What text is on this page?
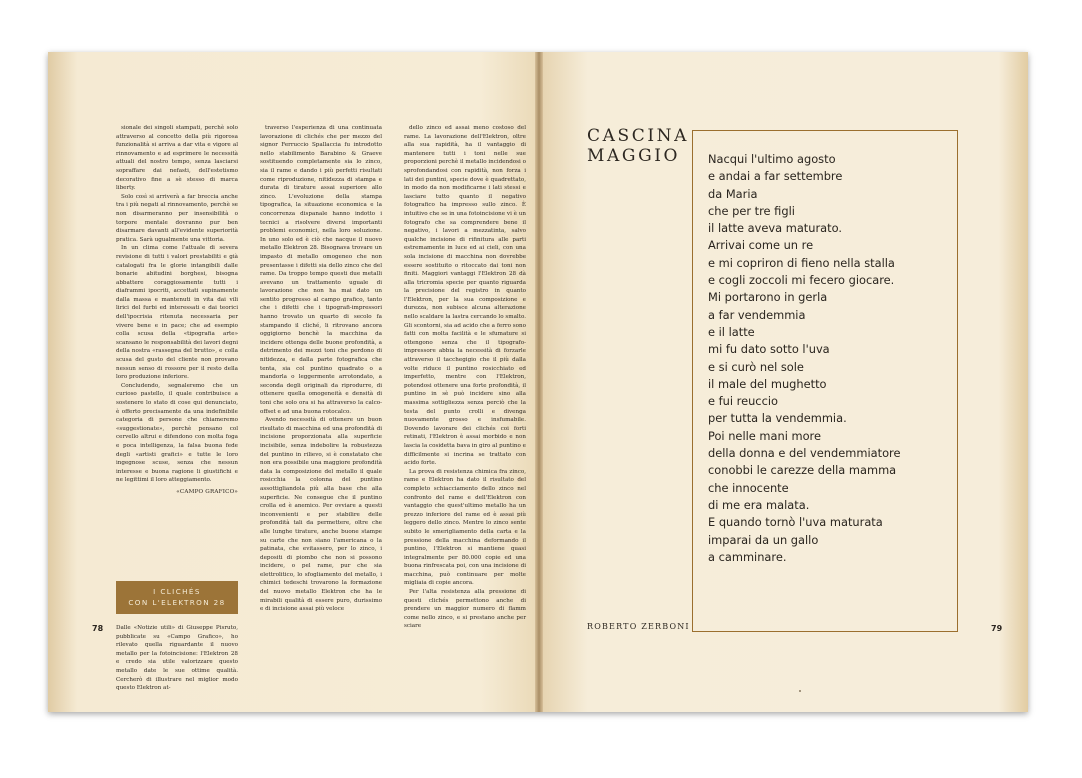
sionale dei singoli stampati, perchè solo attraverso al concetto della più rigorosa funzionalità si arriva a dar vita e vigore al rinnovamento e ad esprimere le necessità attuali del nostro tempo, senza lasciarsi sopraffare dai nefasti, dell'estetismo decorativo fine a sè stesso di marca liberty.

Solo così si arriverà a far breccia anche tra i più negati al rinnovamento, perchè se non disarmeranno per insensibilità o torpore mentale dovranno pur ben disarmare davanti all'evidente superiorità pratica. Sarà ugualmente una vittoria.

In un clima come l'attuale di severa revisione di tutti i valori prestabiliti e già catalogati fra le glorie intangibili dalle bonarie abitudini borghesi, bisogna abbattere coraggiosamente tutti i diaframmi ipocriti, accettati supinamente dalla massa e mantenuti in vita dai vili lirici del furbi ed interessati e dai teorici dell'ipocrisia ritenuta necessaria per vivere bene e in pace; che ad esempio colla scusa della «tipografia arte» scansano le responsabilità dei lavori degni della nostra «rassegna del brutto», e colla scusa del gusto del cliente non provano nessun senso di rossore per il resto della loro produzione inferiore.

Concludendo, segnaleremo che un curioso pastello, il quale contribuisce a sostenere lo stato di cose qui denunciato, è offerto precisamente da una indefinibile categoria di persone che chiameremo «suggestionate», perchè pensano col cervello altrui e difendono con molta foga e poca intelligenza, la falsa buona fede degli «artisti grafici» e tutte le loro ingegnose scuse, senza che nessun interesse e buona ragione li giustifichi e ne legittimi il loro atteggiamento.

«CAMPO GRAFICO»

I CLICHÉS
CON L'ELEKTRON 28

Dalle «Notizie utili» di Giuseppe Pisruto, pubblicate su «Campo Grafico», ho rilevato quella riguardante il nuovo metallo per la fotoincisione: l'Elektron 28 e credo sia utile valorizzare questo metallo date le sue ottime qualità. Cercherò di illustrare nel miglior modo questo Elektron at-

traverso l'esperienza di una continuata lavorazione di clichés che per mezzo del signor Ferruccio Spallaccia fu introdotto nello stabilimento Barabino & Graeve sostituendo completamente sia lo zinco, sia il rame e dando i più perfetti risultati come riproduzione, nitidezza di stampa e durata di tirature assai superiore allo zinco. L'evoluzione della stampa tipografica, la situazione economica e la concorrenza dispanale hanno indotto i tecnici a risolvere diversi importanti problemi economici, nella loro soluzione. In uno solo ed è ciò che nacque il nuovo metallo Elektron 28. Bisognava trovare un impasto di metallo omogeneo che non presentasse i difetti sia dello zinco che del rame. Da troppo tempo questi due metalli avevano un trattamento uguale di lavorazione che non ha mai dato un sentito progresso al campo grafico, tanto che i difetti che i tipografi-impressori hanno trovato un quarto di secolo fa stampando il cliché, li ritrovano ancora oggigiorno benchè la macchina da incidere ottenga delle buone profondità, a detrimento dei mezzi toni che perdono di nitidezza, e dalla parte fotografica che tenta, sia col puntino quadrato o a mandorla o leggermente arrotondato, a seconda degli originali da riprodurre, di ottenere quella omogeneità e densità di toni che solo ora si ha attraverso la calco-offset e ad una buona rotocalco.

Avendo necessità di ottenere un buon risultato di macchina ed una profondità di incisione proporzionata alla superficie incisibile, senza indebolire la robustezza del puntino in rilievo, si è constatato che non era possibile una maggiore profondità data la composizione del metallo il quale rosicchia la colonna del puntino assottigliandola più alla base che alla superficie. Ne consegue che il puntino crolla ed è anemico. Per ovviare a questi inconvenienti e per stabilire delle profondità tali da permettere, oltre che alle lunghe tirature, anche buone stampe su carte che non siano l'americana o la patinata, che evitassero, per lo zinco, i depositi di piombo che non si possono incidere, o pel rame, pur che sia elettrolitico, lo sfogliamento del metallo, i chimici tedeschi trovarono la formazione del nuovo metallo Elektron che ha le mirabili qualità di essere puro, durissimo e di incisione assai più veloce

dello zinco ed assai meno costoso del rame. La lavorazione dell'Elektron, oltre alla sua rapidità, ha il vantaggio di mantenere tutti i toni nelle sue proporzioni perchè il metallo incidendosi o sprofondandosi con rapidità, non forza i lati dei puntini, specie dove è quadrettato, in modo da non modificarne i lati stessi e lasciare tutto quanto il negativo fotografico ha impresso sullo zinco. È intuitivo che se in una fotoincisione vi è un fotografo che sa comprendere bene il negativo, i lavori a mezzatinta, salvo qualche incisione di rifinitura alle parti estremamente in luce ed ai cieli, con una sola incisione di macchina non dovrebbe essere sostituito o ritoccato dai toni non finiti. Maggiori vantaggi l'Elektron 28 dà alla tricromia specie per quanto riguarda la precisione del registro in quanto l'Elektron, per la sua composizione e durezza, non subisce alcuna alterazione nello scaldare la lastra cercando lo smalto. Gli scontorni, sia ad acido che a ferro sono fatti con molta facilità e le sfumature si ottengono senza che il tipografo-impressore abbia la necessità di forzarle attraverso il tacchegigio che il più dalla volte riduce il puntino rosicchiato ed imperfetto, mentre con l'Elektron, potendosi ottenere una forte profondità, il puntino in sè può incidere sino alla massima sottigliezza senza perciò che la testa del punto crolli e divenga nuovamente grosso e insfumabile. Dovendo lavorare dei clichés coi forti retinati, l'Elektron è assai morbido e non lascia la cosidetta bava in giro al puntino e difficilmente si incrina se trattato con acido forte.

La prova di resistenza chimica fra zinco, rame e Elektron ha dato il risultato del completo schiacciamento dello zinco nel confronto del rame e dell'Elektron con vantaggio che quest'ultimo metallo ha un prezzo inferiore del rame ed è assai più leggero dello zinco. Mentre lo zinco sente subito le smerigliamento della carta e la pressione della macchina deformando il puntino, l'Elektron si mantiene quasi integralmente per 80.000 copie ed una buona rinfrescata poi, con una incisione di macchina, può continuare per molte migliaia di copie ancora.

Per l'alta resistenza alla pressione di questi clichés permettono anche di prendere un maggior numero di flamm come nello zinco, e si prestano anche per sciare

78
CASCINA
MAGGIO	Nacqui l'ultimo agosto
e andai a far settembre
da Maria
che per tre figli
il latte aveva maturato.
Arrivai come un re
e mi copriron di fieno nella stalla
e cogli zoccoli mi fecero giocare.
Mi portarono in gerla
a far vendemmia
e il latte
mi fu dato sotto l'uva
e si curò nel sole
il male del mughetto
e fui reuccio
per tutta la vendemmia.
Poi nelle mani more
della donna e del vendemmiatore
conobbi le carezze della mamma
che innocente
di me era malata.
E quando tornò l'uva maturata
imparai da un gallo
a camminare.
ROBERTO ZERBONI	79
